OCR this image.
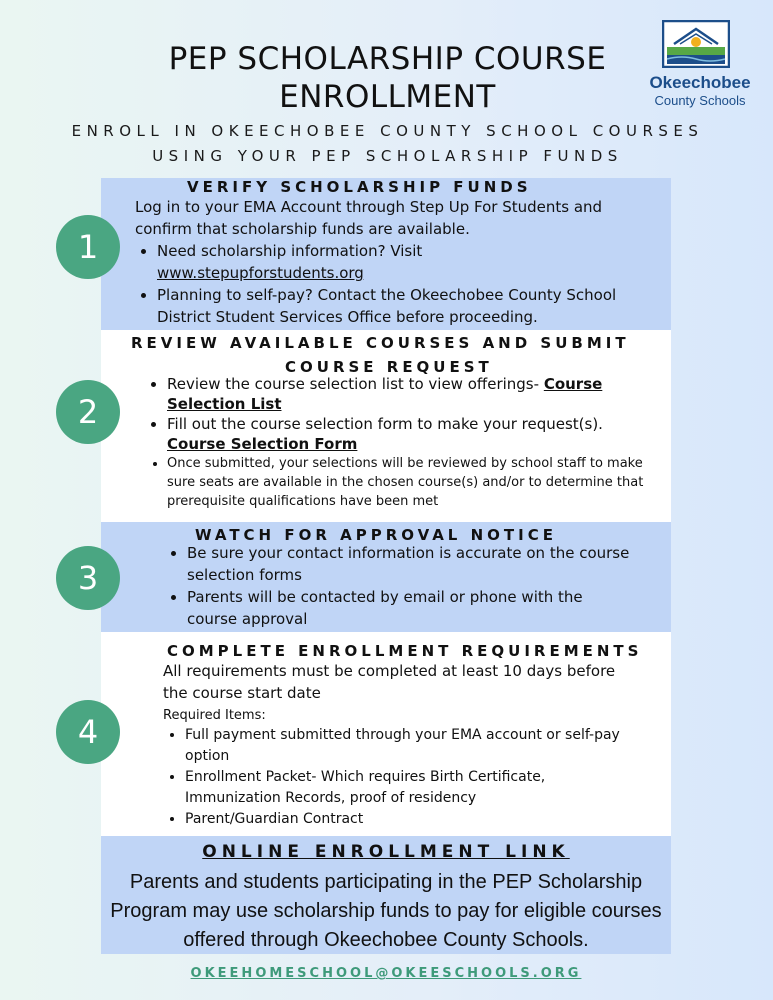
PEP SCHOLARSHIP COURSE
ENROLLMENT
ENROLL IN OKEECHOBEE COUNTY SCHOOL COURSES
USING YOUR PEP SCHOLARSHIP FUNDS
Okeechobee
County Schools
VERIFY SCHOLARSHIP FUNDS
Log in to your EMA Account through Step Up For Students and confirm that scholarship funds are available.
• Need scholarship information? Visit
www.stepupforstudents.org
• Planning to self-pay? Contact the Okeechobee County School District Student Services Office before proceeding.
1
REVIEW AVAILABLE COURSES AND SUBMIT
COURSE REQUEST
• Review the course selection list to view offerings- Course Selection List
• Fill out the course selection form to make your request(s).
Course Selection Form
• Once submitted, your selections will be reviewed by school staff to make sure seats are available in the chosen course(s) and/or to determine that prerequisite qualifications have been met
2
WATCH FOR APPROVAL NOTICE
• Be sure your contact information is accurate on the course selection forms
• Parents will be contacted by email or phone with the course approval
3
COMPLETE ENROLLMENT REQUIREMENTS
All requirements must be completed at least 10 days before the course start date
Required Items:
• Full payment submitted through your EMA account or self-pay option
• Enrollment Packet- Which requires Birth Certificate, Immunization Records, proof of residency
• Parent/Guardian Contract
4
ONLINE ENROLLMENT LINK
Parents and students participating in the PEP Scholarship Program may use scholarship funds to pay for eligible courses offered through Okeechobee County Schools.
OKEEHOMESCHOOL@OKEESCHOOLS.ORG
